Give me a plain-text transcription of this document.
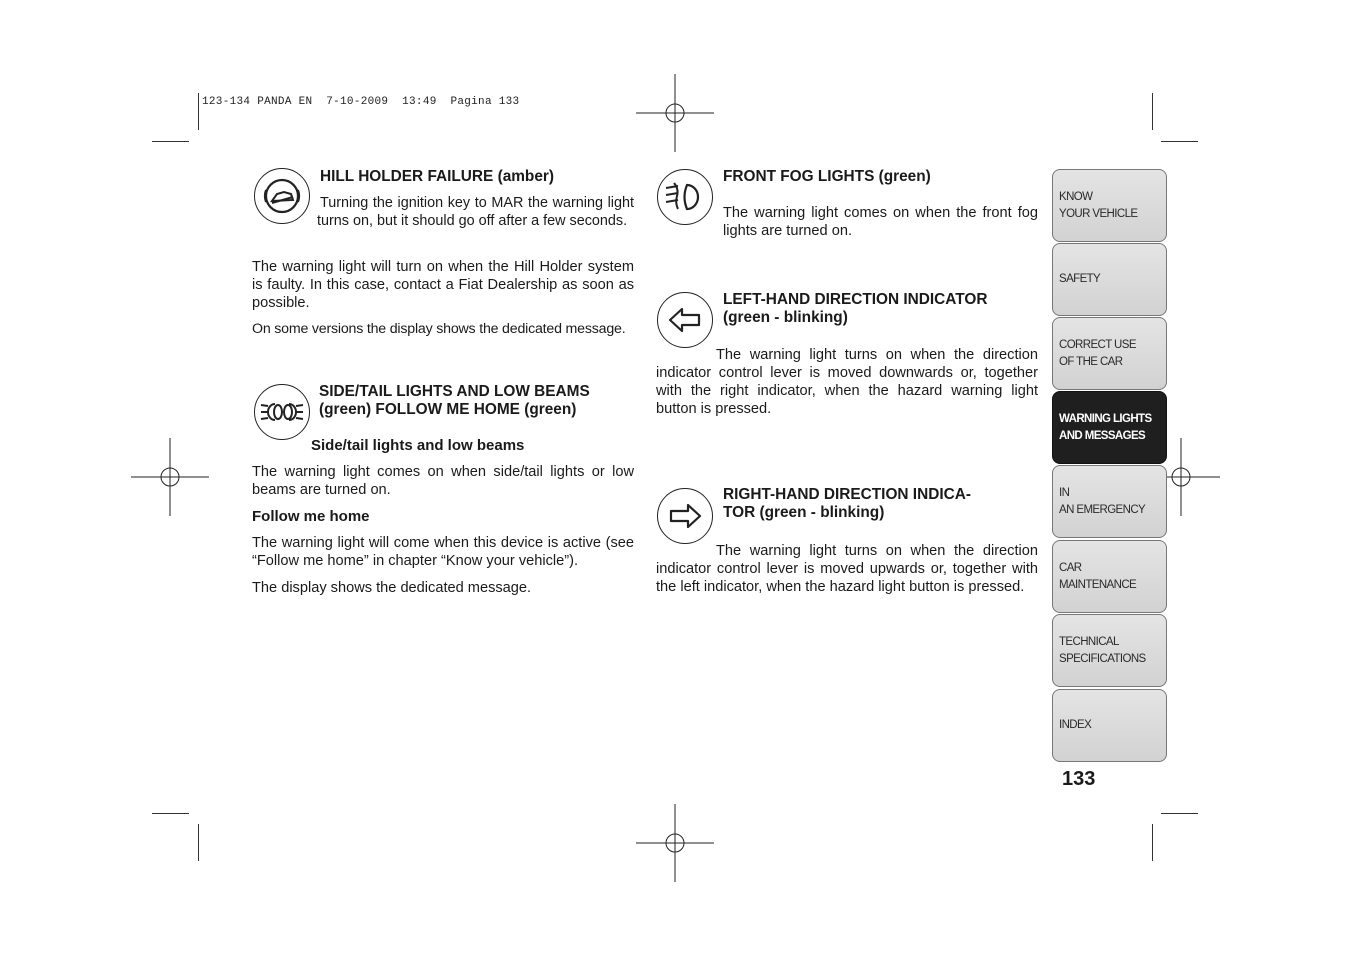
123-134 PANDA EN  7-10-2009  13:49  Pagina 133

HILL HOLDER FAILURE (amber)

Turning the ignition key to MAR the warning light turns on, but it should go off after a few seconds.

The warning light will turn on when the Hill Holder system is faulty. In this case, contact a Fiat Dealership as soon as possible.
On some versions the display shows the dedicated message.

SIDE/TAIL LIGHTS AND LOW BEAMS

(green) FOLLOW ME HOME (green)

Side/tail lights and low beams

The warning light comes on when side/tail lights or low beams are turned on.

Follow me home

The warning light will come when this device is active (see “Follow me home” in chapter “Know your vehicle”).

The display shows the dedicated message.

FRONT FOG LIGHTS (green)

The warning light comes on when the front fog lights are turned on.

LEFT-HAND DIRECTION INDICATOR

(green - blinking)

The warning light turns on when the direction indicator control lever is moved downwards or, together with the right indicator, when the hazard warning light button is pressed.

RIGHT-HAND DIRECTION INDICA-

TOR (green - blinking)

The warning light turns on when the direction indicator control lever is moved upwards or, together with the left indicator, when the hazard light button is pressed.
KNOW
YOUR VEHICLE
SAFETY
CORRECT USE
OF THE CAR
WARNING LIGHTS
AND MESSAGES
IN
AN EMERGENCY
CAR
MAINTENANCE
TECHNICAL
SPECIFICATIONS
INDEX
133
